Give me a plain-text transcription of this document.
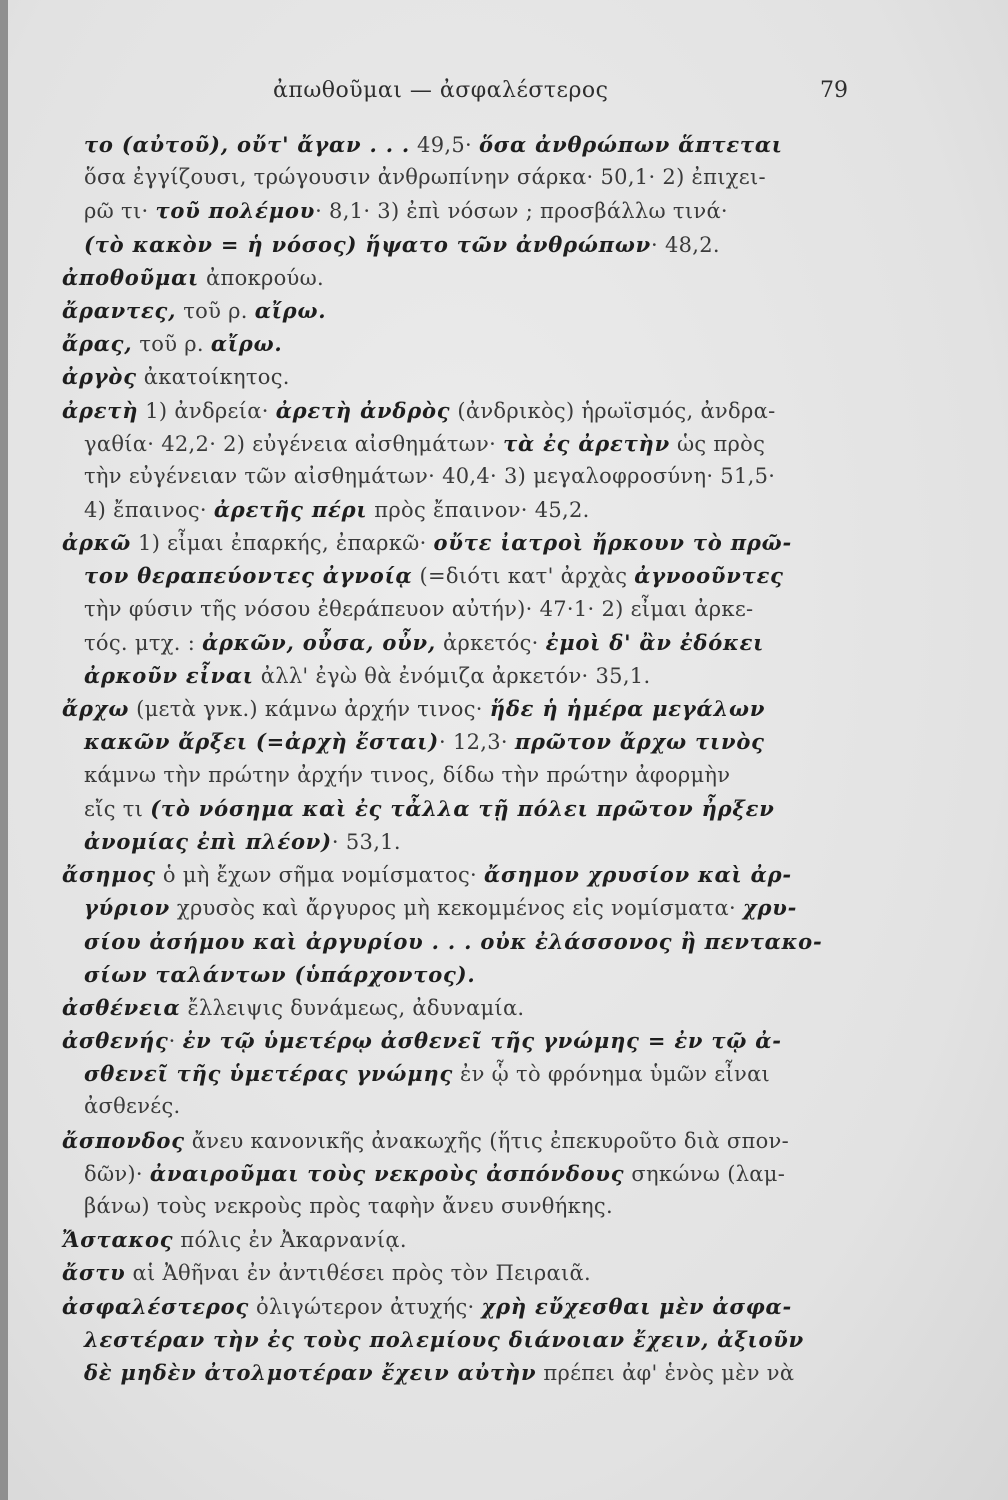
ἀπωθοῦμαι — ἀσφαλέστερος	79
το (αὐτοῦ), οὔτ' ἄγαν . . . 49,5· ὅσα ἀνθρώπων ἅπτεται
ὅσα ἐγγίζουσι, τρώγουσιν ἀνθρωπίνην σάρκα· 50,1· 2) ἐπιχει-
ρῶ τι· τοῦ πολέμου· 8,1· 3) ἐπὶ νόσων ; προσβάλλω τινά·
(τὸ κακὸν = ἡ νόσος) ἥψατο τῶν ἀνθρώπων· 48,2.
ἀποθοῦμαι ἀποκρούω.
ἄραντες, τοῦ ρ. αἴρω.
ἄρας, τοῦ ρ. αἴρω.
ἀργὸς ἀκατοίκητος.
ἀρετὴ 1) ἀνδρεία· ἀρετὴ ἀνδρὸς (ἀνδρικὸς) ἡρωϊσμός, ἀνδρα-
γαθία· 42,2· 2) εὐγένεια αἰσθημάτων· τὰ ἐς ἀρετὴν ὡς πρὸς
τὴν εὐγένειαν τῶν αἰσθημάτων· 40,4· 3) μεγαλοφροσύνη· 51,5·
4) ἔπαινος· ἀρετῆς πέρι πρὸς ἔπαινον· 45,2.
ἀρκῶ 1) εἶμαι ἐπαρκής, ἐπαρκῶ· οὔτε ἰατροὶ ἤρκουν τὸ πρῶ-
τον θεραπεύοντες ἀγνοίᾳ (=διότι κατ' ἀρχὰς ἀγνοοῦντες
τὴν φύσιν τῆς νόσου ἐθεράπευον αὐτήν)· 47·1· 2) εἶμαι ἀρκε-
τός. μτχ. : ἀρκῶν, οὖσα, οὖν, ἀρκετός· ἐμοὶ δ' ἂν ἐδόκει
ἀρκοῦν εἶναι ἀλλ' ἐγὼ θὰ ἐνόμιζα ἀρκετόν· 35,1.
ἄρχω (μετὰ γνκ.) κάμνω ἀρχήν τινος· ἥδε ἡ ἡμέρα μεγάλων
κακῶν ἄρξει (=ἀρχὴ ἔσται)· 12,3· πρῶτον ἄρχω τινὸς
κάμνω τὴν πρώτην ἀρχήν τινος, δίδω τὴν πρώτην ἀφορμὴν
εἴς τι (τὸ νόσημα καὶ ἐς τἆλλα τῇ πόλει πρῶτον ἦρξεν
ἀνομίας ἐπὶ πλέον)· 53,1.
ἄσημος ὁ μὴ ἔχων σῆμα νομίσματος· ἄσημον χρυσίον καὶ ἀρ-
γύριον χρυσὸς καὶ ἄργυρος μὴ κεκομμένος εἰς νομίσματα· χρυ-
σίου ἀσήμου καὶ ἀργυρίου . . . οὐκ ἐλάσσονος ἢ πεντακο-
σίων ταλάντων (ὑπάρχοντος).
ἀσθένεια ἔλλειψις δυνάμεως, ἀδυναμία.
ἀσθενής· ἐν τῷ ὑμετέρῳ ἀσθενεῖ τῆς γνώμης = ἐν τῷ ἀ-
σθενεῖ τῆς ὑμετέρας γνώμης ἐν ᾧ τὸ φρόνημα ὑμῶν εἶναι
ἀσθενές.
ἄσπονδος ἄνευ κανονικῆς ἀνακωχῆς (ἥτις ἐπεκυροῦτο διὰ σπον-
δῶν)· ἀναιροῦμαι τοὺς νεκροὺς ἀσπόνδους σηκώνω (λαμ-
βάνω) τοὺς νεκροὺς πρὸς ταφὴν ἄνευ συνθήκης.
Ἄστακος πόλις ἐν Ἀκαρνανίᾳ.
ἄστυ αἱ Ἀθῆναι ἐν ἀντιθέσει πρὸς τὸν Πειραιᾶ.
ἀσφαλέστερος ὀλιγώτερον ἀτυχής· χρὴ εὔχεσθαι μὲν ἀσφα-
λεστέραν τὴν ἐς τοὺς πολεμίους διάνοιαν ἔχειν, ἀξιοῦν
δὲ μηδὲν ἀτολμοτέραν ἔχειν αὐτὴν πρέπει ἀφ' ἑνὸς μὲν νὰ
